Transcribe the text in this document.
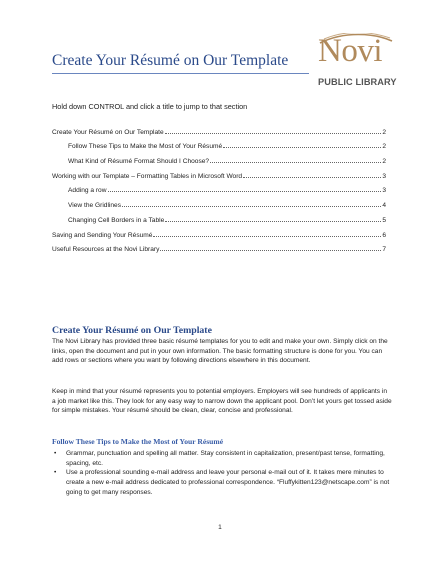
Create Your Résumé on Our Template Novi
PUBLIC LIBRARY
Hold down CONTROL and click a title to jump to that section
Create Your Résumé on Our Template	2
Follow These Tips to Make the Most of Your Résumé	2
What Kind of Résumé Format Should I Choose?	2
Working with our Template – Formatting Tables in Microsoft Word	3
Adding a row	3
View the Gridlines	4
Changing Cell Borders in a Table	5
Saving and Sending Your Résumé	6
Useful Resources at the Novi Library	7
Create Your Résumé on Our Template
The Novi Library has provided three basic résumé templates for you to edit and make your own. Simply click on the links, open the document and put in your own information. The basic formatting structure is done for you. You can add rows or sections where you want by following directions elsewhere in this document.
Keep in mind that your résumé represents you to potential employers. Employers will see hundreds of applicants in a job market like this. They look for any easy way to narrow down the applicant pool. Don’t let yours get tossed aside for simple mistakes. Your résumé should be clean, clear, concise and professional.
Follow These Tips to Make the Most of Your Résumé
• Grammar, punctuation and spelling all matter. Stay consistent in capitalization, present/past tense, formatting, spacing, etc.
• Use a professional sounding e-mail address and leave your personal e-mail out of it. It takes mere minutes to create a new e-mail address dedicated to professional correspondence. “Fluffykitten123@netscape.com” is not going to get many responses.
1
